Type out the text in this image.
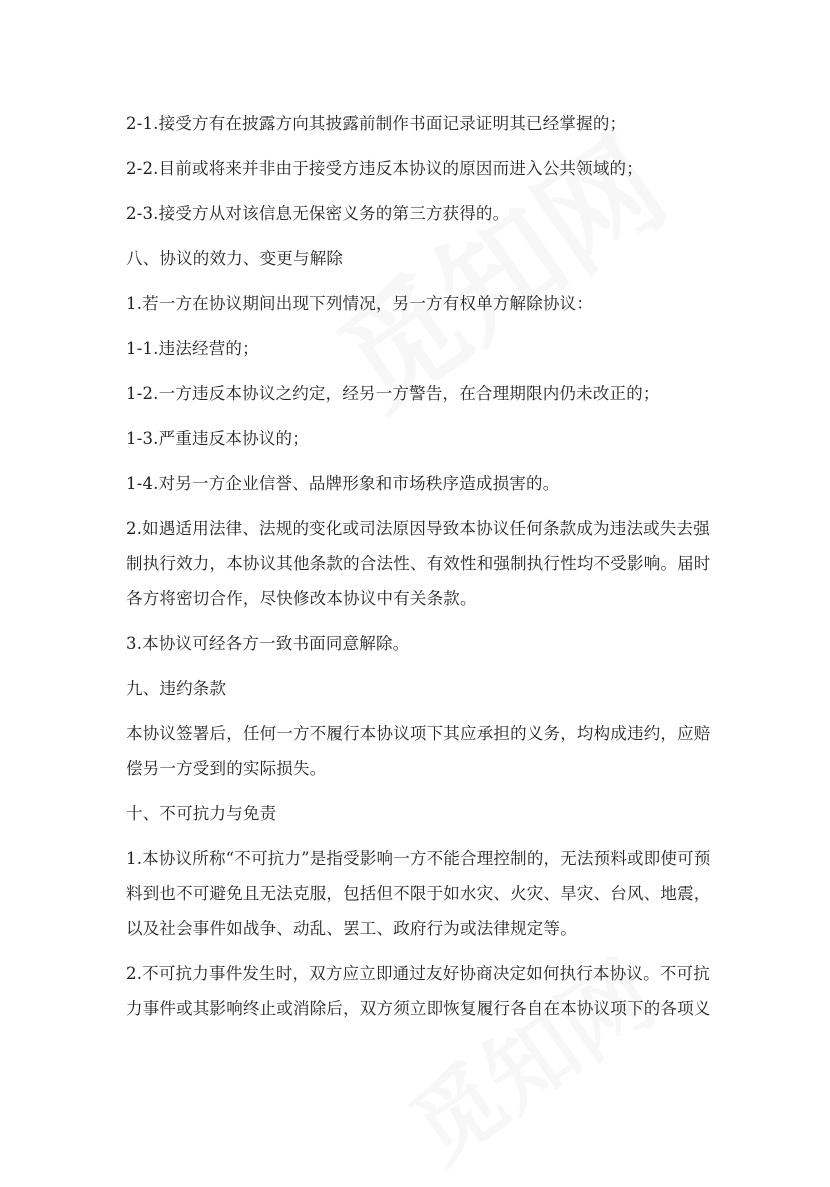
2-1.接受方有在披露方向其披露前制作书面记录证明其已经掌握的；

2-2.目前或将来并非由于接受方违反本协议的原因而进入公共领域的；

2-3.接受方从对该信息无保密义务的第三方获得的。

八、协议的效力、变更与解除

1.若一方在协议期间出现下列情况，另一方有权单方解除协议：

1-1.违法经营的；

1-2.一方违反本协议之约定，经另一方警告，在合理期限内仍未改正的；

1-3.严重违反本协议的；

1-4.对另一方企业信誉、品牌形象和市场秩序造成损害的。

2.如遇适用法律、法规的变化或司法原因导致本协议任何条款成为违法或失去强制执行效力，本协议其他条款的合法性、有效性和强制执行性均不受影响。届时各方将密切合作，尽快修改本协议中有关条款。

3.本协议可经各方一致书面同意解除。

九、违约条款

本协议签署后，任何一方不履行本协议项下其应承担的义务，均构成违约，应赔偿另一方受到的实际损失。

十、不可抗力与免责

1.本协议所称“不可抗力”是指受影响一方不能合理控制的，无法预料或即使可预料到也不可避免且无法克服，包括但不限于如水灾、火灾、旱灾、台风、地震，以及社会事件如战争、动乱、罢工、政府行为或法律规定等。

2.不可抗力事件发生时，双方应立即通过友好协商决定如何执行本协议。不可抗力事件或其影响终止或消除后，双方须立即恢复履行各自在本协议项下的各项义
